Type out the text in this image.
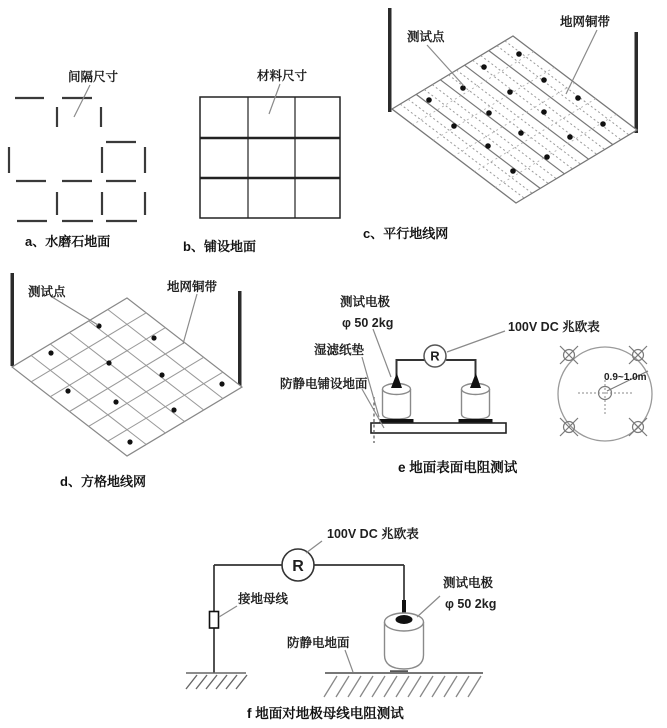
间隔尺寸
a、水磨石地面
材料尺寸
b、铺设地面
测试点
地网铜带
c、平行地线网
测试点	地网铜带
d、方格地线网
R
测试电极
φ 50 2kg
湿滤纸垫
防静电铺设地面
100V DC 兆欧表
0.9~1.0m
e 地面表面电阻测试
R
100V DC 兆欧表
接地母线
防静电地面
测试电极
φ 50 2kg
f 地面对地极母线电阻测试
